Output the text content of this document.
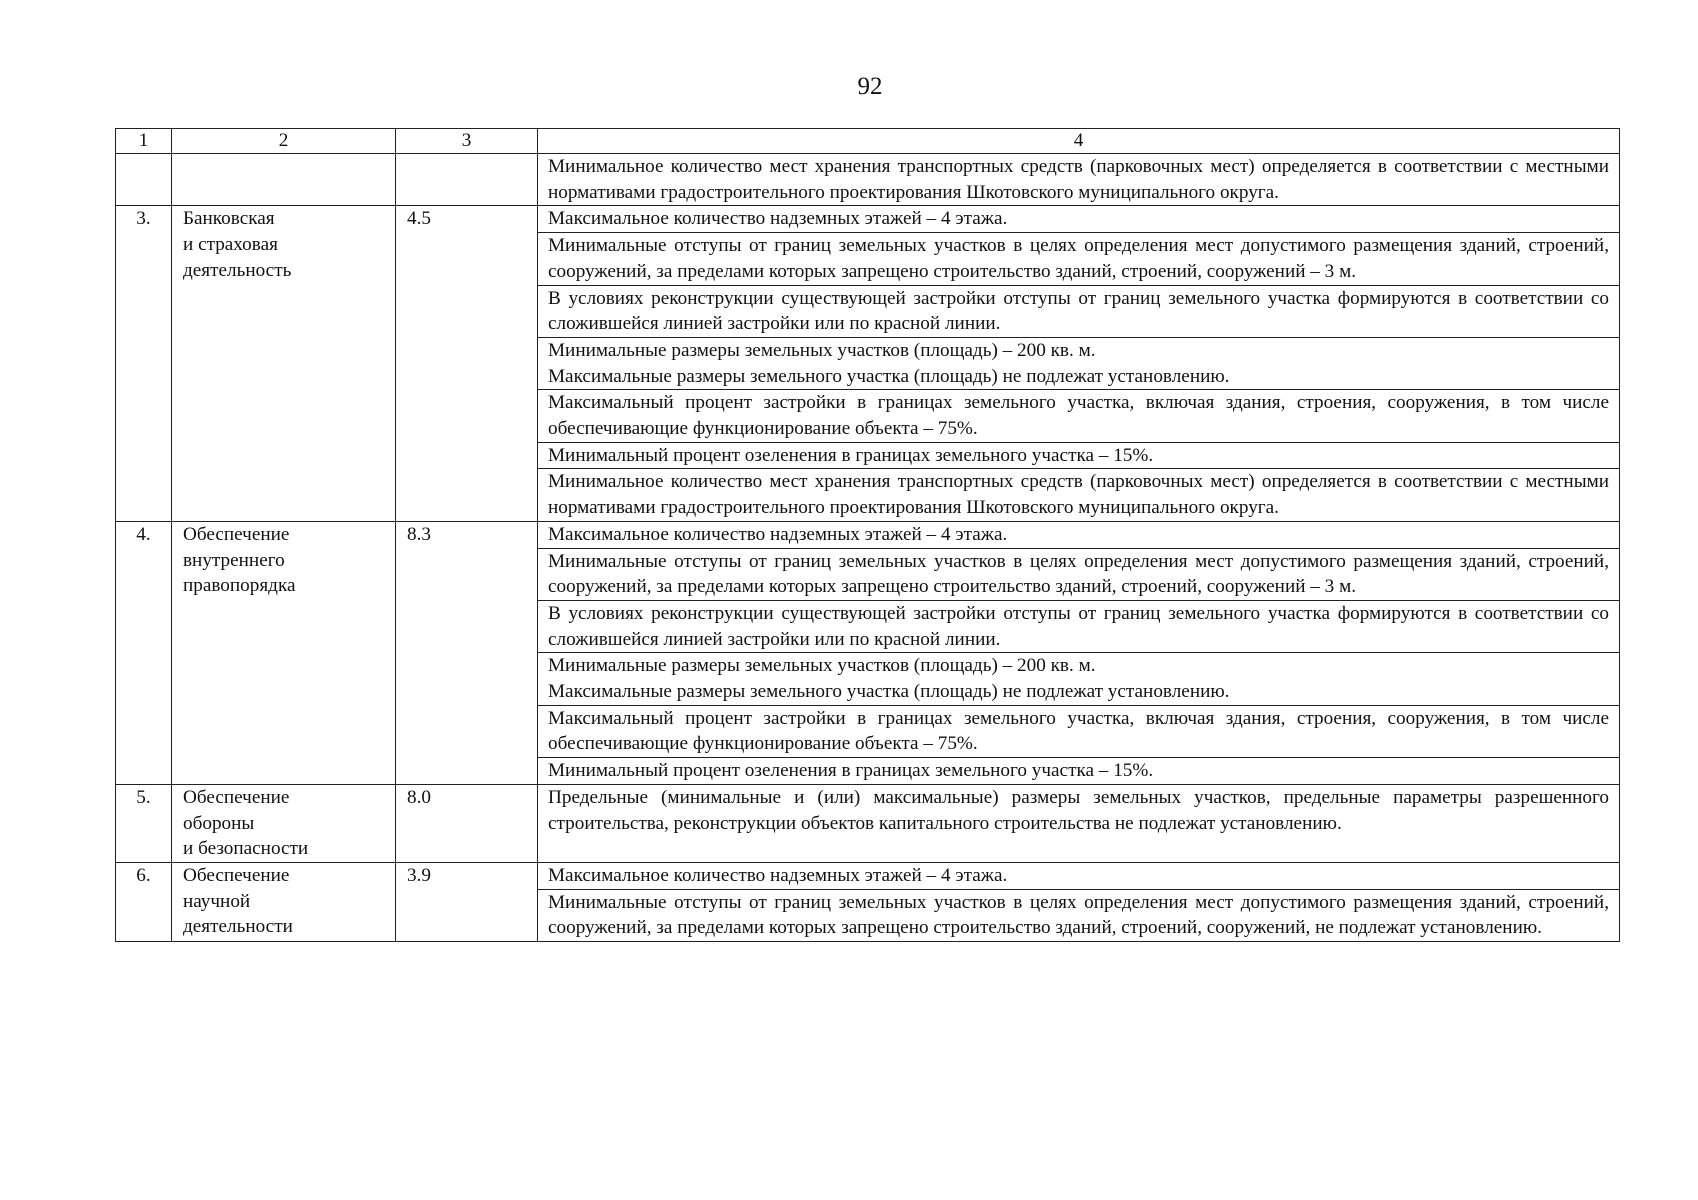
92
1	2	3	4
			Минимальное количество мест хранения транспортных средств (парковочных мест) определяется в соответствии с местными нормативами градостроительного проектирования Шкотовского муниципального округа.
3.	Банковская
и страховая
деятельность	4.5	Максимальное количество надземных этажей – 4 этажа.
			Минимальные отступы от границ земельных участков в целях определения мест допустимого размещения зданий, строений, сооружений, за пределами которых запрещено строительство зданий, строений, сооружений – 3 м.
			В условиях реконструкции существующей застройки отступы от границ земельного участка формируются в соответствии со сложившейся линией застройки или по красной линии.
			Минимальные размеры земельных участков (площадь) – 200 кв. м.
Максимальные размеры земельного участка (площадь) не подлежат установлению.
			Максимальный процент застройки в границах земельного участка, включая здания, строения, сооружения, в том числе обеспечивающие функционирование объекта – 75%.
			Минимальный процент озеленения в границах земельного участка – 15%.
			Минимальное количество мест хранения транспортных средств (парковочных мест) определяется в соответствии с местными нормативами градостроительного проектирования Шкотовского муниципального округа.
4.	Обеспечение
внутреннего
правопорядка	8.3	Максимальное количество надземных этажей – 4 этажа.
			Минимальные отступы от границ земельных участков в целях определения мест допустимого размещения зданий, строений, сооружений, за пределами которых запрещено строительство зданий, строений, сооружений – 3 м.
			В условиях реконструкции существующей застройки отступы от границ земельного участка формируются в соответствии со сложившейся линией застройки или по красной линии.
			Минимальные размеры земельных участков (площадь) – 200 кв. м.
Максимальные размеры земельного участка (площадь) не подлежат установлению.
			Максимальный процент застройки в границах земельного участка, включая здания, строения, сооружения, в том числе обеспечивающие функционирование объекта – 75%.
			Минимальный процент озеленения в границах земельного участка – 15%.
5.	Обеспечение
обороны
и безопасности	8.0	Предельные (минимальные и (или) максимальные) размеры земельных участков, предельные параметры разрешенного строительства, реконструкции объектов капитального строительства не подлежат установлению.
6.	Обеспечение
научной
деятельности	3.9	Максимальное количество надземных этажей – 4 этажа.
			Минимальные отступы от границ земельных участков в целях определения мест допустимого размещения зданий, строений, сооружений, за пределами которых запрещено строительство зданий, строений, сооружений, не подлежат установлению.
